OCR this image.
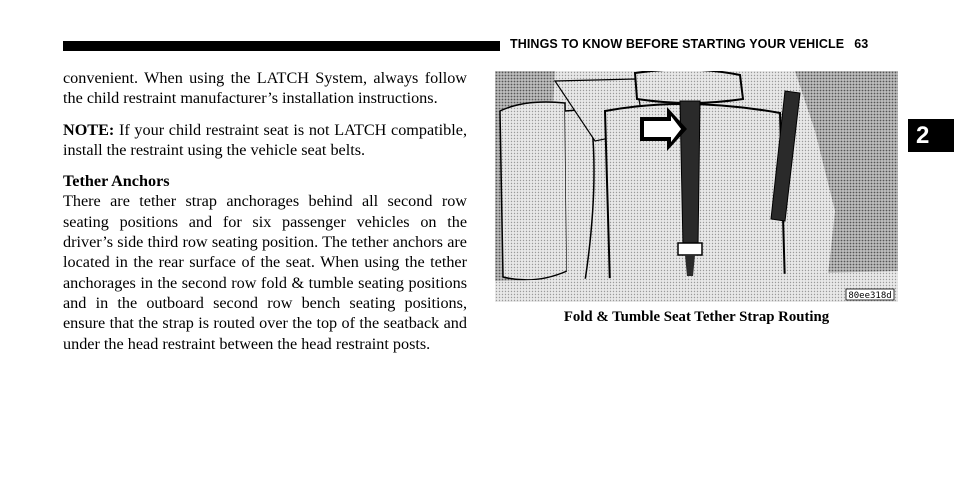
THINGS TO KNOW BEFORE STARTING YOUR VEHICLE 63

convenient. When using the LATCH System, always follow the child restraint manufacturer’s installation instructions.

NOTE: If your child restraint seat is not LATCH compatible, install the restraint using the vehicle seat belts.

Tether Anchors

There are tether strap anchorages behind all second row seating positions and for six passenger vehicles on the driver’s side third row seating position. The tether anchors are located in the rear surface of the seat. When using the tether anchorages in the second row fold & tumble seating positions and in the outboard second row bench seating positions, ensure that the strap is routed over the top of the seatback and under the head restraint between the head restraint posts.

80ee318d
Fold & Tumble Seat Tether Strap Routing
2
